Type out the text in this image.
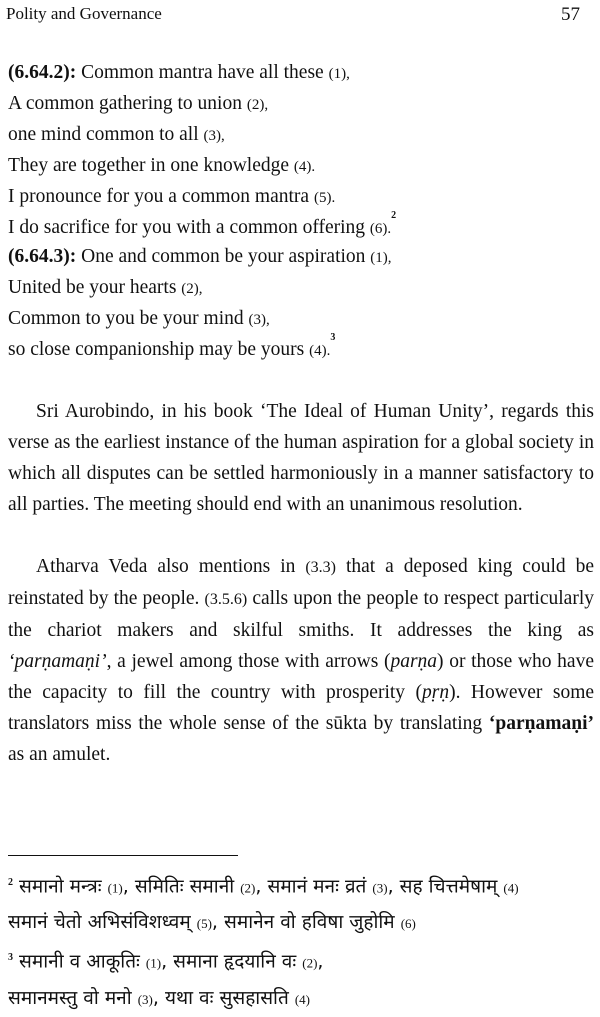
Polity and Governance	57
(6.64.2): Common mantra have all these (1),
A common gathering to union (2),
one mind common to all (3),
They are together in one knowledge (4).
I pronounce for you a common mantra (5).
I do sacrifice for you with a common offering (6).
2
(6.64.3): One and common be your aspiration (1),
United be your hearts (2),
Common to you be your mind (3),
so close companionship may be yours (4).
3

Sri Aurobindo, in his book ‘The Ideal of Human Unity’, regards this verse as the earliest instance of the human aspiration for a global society in which all disputes can be settled harmoniously in a manner satisfactory to all parties. The meeting should end with an unanimous resolution.

Atharva Veda also mentions in (3.3) that a deposed king could be reinstated by the people. (3.5.6) calls upon the people to respect particularly the chariot makers and skilful smiths. It addresses the king as ‘parṇamaṇi’, a jewel among those with arrows (parṇa) or those who have the capacity to fill the country with prosperity (pṛṇ). However some translators miss the whole sense of the sūkta by translating ‘parṇamaṇi’ as an amulet.

$^2$ समानो मन्त्रः (1), समितिः समानी (2), समानं मनः व्रतं (3), सह चित्तमेषाम् (4)
समानं चेतो अभिसंविशध्वम् (5), समानेन वो हविषा जुहोमि (6)
$^3$ समानी व आकूतिः (1), समाना हृदयानि वः (2),
समानमस्तु वो मनो (3), यथा वः सुसहासति (4)
